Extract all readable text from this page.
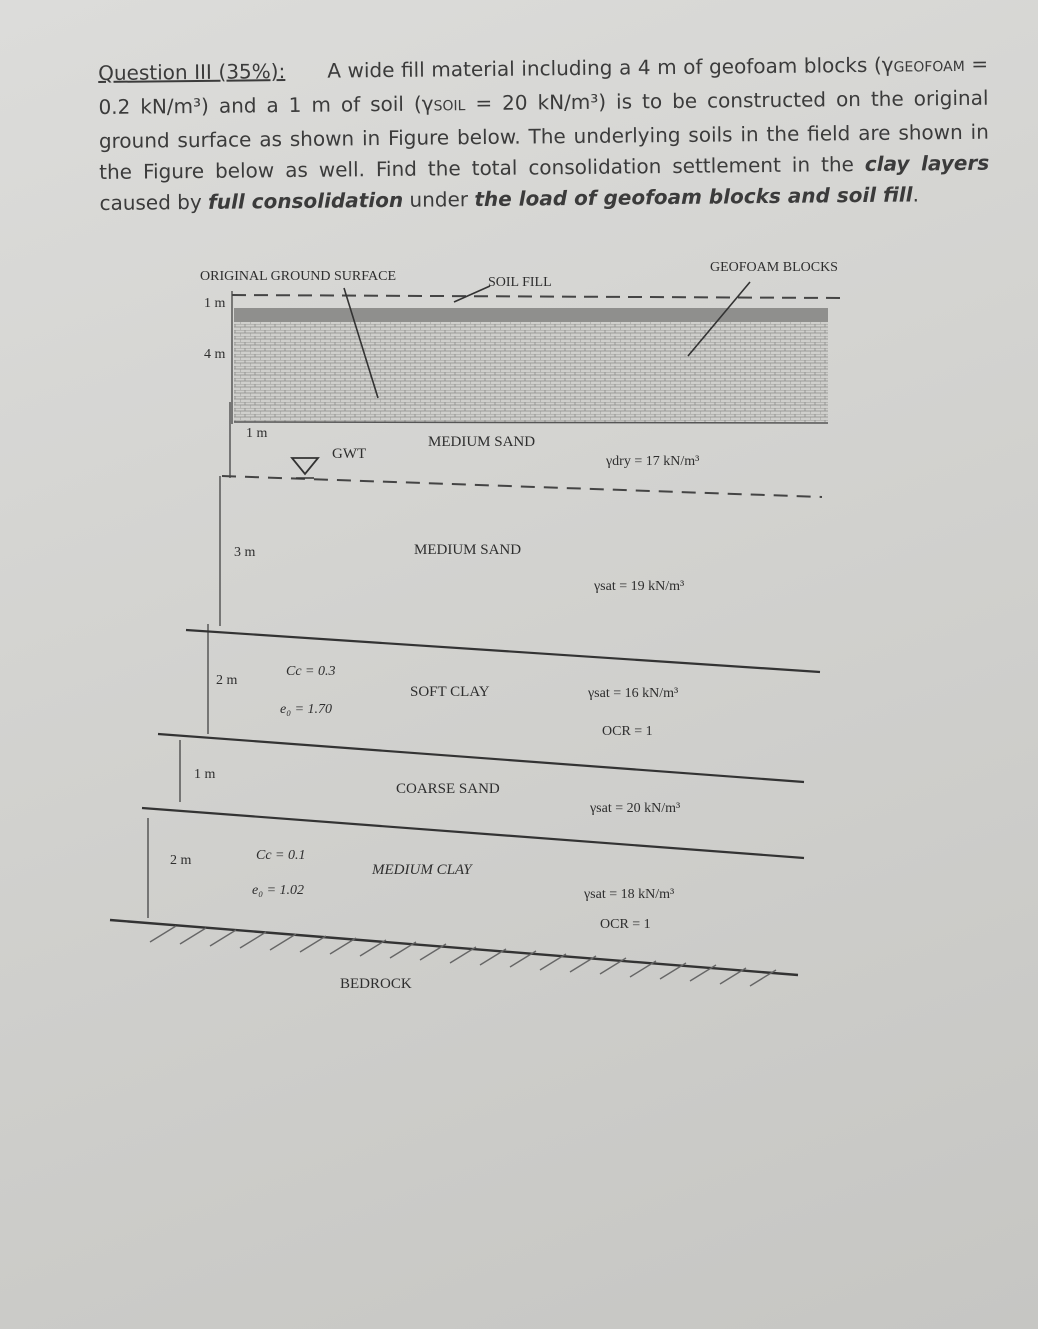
Question III (35%): A wide fill material including a 4 m of geofoam blocks (γGEOFOAM = 0.2 kN/m³) and a 1 m of soil (γSOIL = 20 kN/m³) is to be constructed on the original ground surface as shown in Figure below. The underlying soils in the field are shown in the Figure below as well. Find the total consolidation settlement in the clay layers caused by full consolidation under the load of geofoam blocks and soil fill.
ORIGINAL GROUND SURFACE	SOIL FILL
GEOFOAM BLOCKS
1 m
4 m
1 m
3 m
2 m
1 m
2 m
GWT
MEDIUM SAND
γdry = 17 kN/m³
MEDIUM SAND
γsat = 19 kN/m³
Cc = 0.3
e₀ = 1.70
SOFT CLAY	γsat = 16 kN/m³
OCR = 1
COARSE SAND
γsat = 20 kN/m³
Cc = 0.1
e₀ = 1.02
MEDIUM CLAY
γsat = 18 kN/m³
OCR = 1
BEDROCK
